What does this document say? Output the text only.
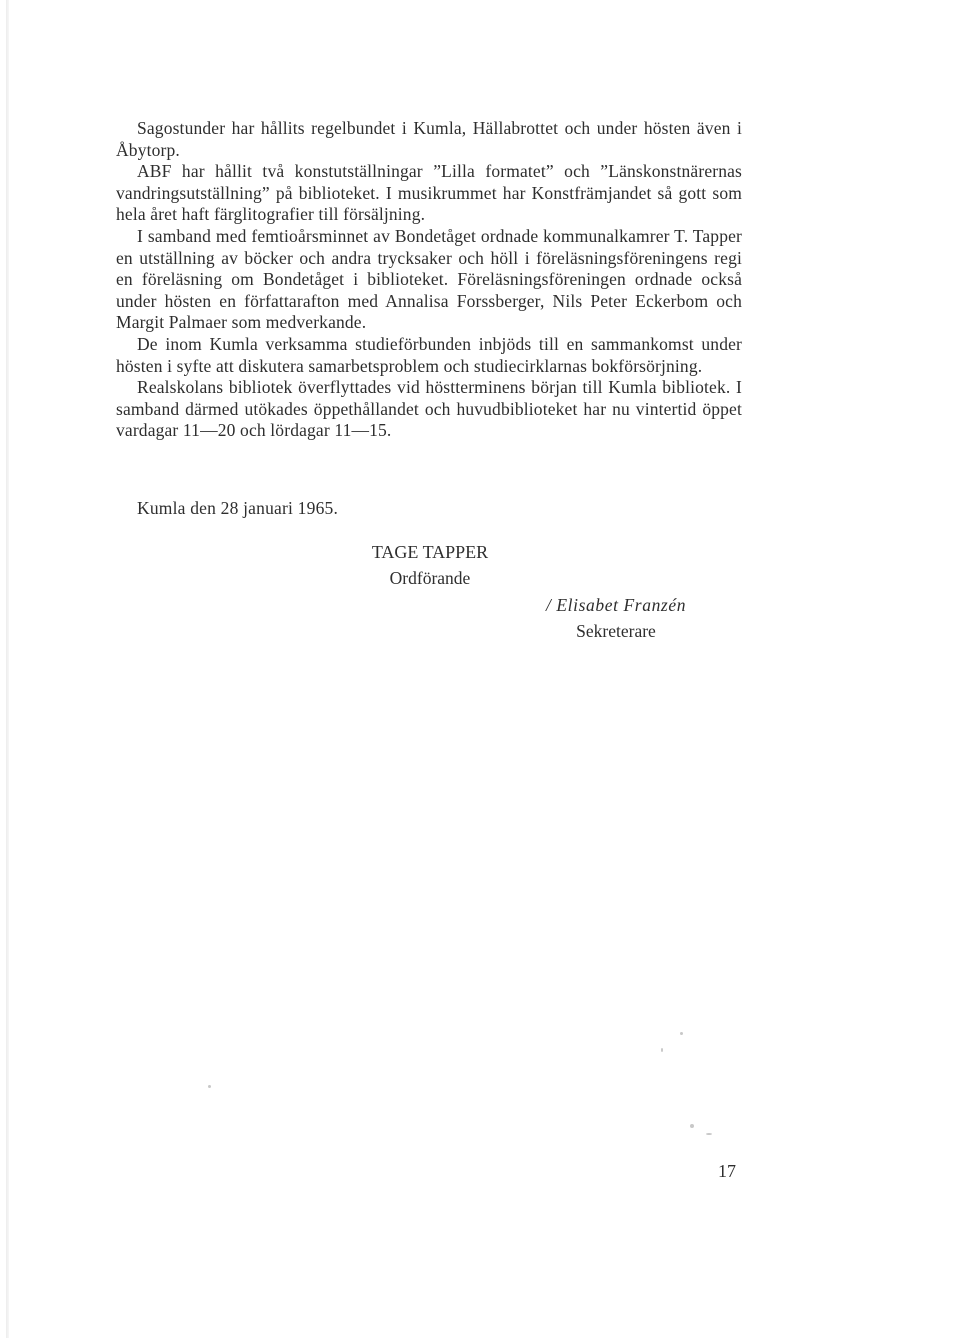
Sagostunder har hållits regelbundet i Kumla, Hällabrottet och under hösten även i Åbytorp.

ABF har hållit två konstutställningar ”Lilla formatet” och ”Länskonstnärernas vandringsutställning” på biblioteket. I musikrummet har Konstfrämjandet så gott som hela året haft färglitografier till försäljning.

I samband med femtioårsminnet av Bondetåget ordnade kommunalkamrer T. Tapper en utställning av böcker och andra trycksaker och höll i föreläsningsföreningens regi en föreläsning om Bondetåget i biblioteket. Föreläsningsföreningen ordnade också under hösten en författarafton med Annalisa Forssberger, Nils Peter Eckerbom och Margit Palmaer som medverkande.

De inom Kumla verksamma studieförbunden inbjöds till en sammankomst under hösten i syfte att diskutera samarbetsproblem och studiecirklarnas bokförsörjning.

Realskolans bibliotek överflyttades vid höstterminens början till Kumla bibliotek. I samband därmed utökades öppethållandet och huvudbiblioteket har nu vintertid öppet vardagar 11—20 och lördagar 11—15.

Kumla den 28 januari 1965.
TAGE TAPPER
Ordförande
/ Elisabet Franzén
Sekreterare
17
